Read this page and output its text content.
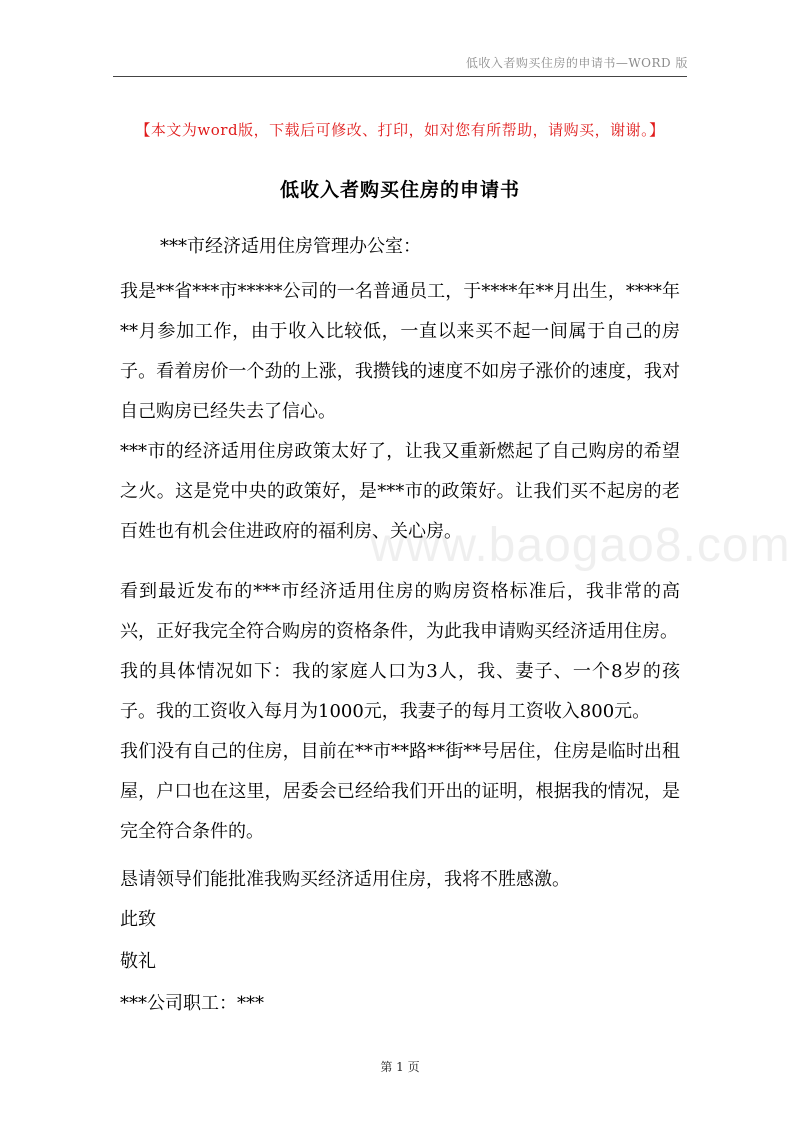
低收入者购买住房的申请书—WORD 版
【本文为word版，下载后可修改、打印，如对您有所帮助，请购买，谢谢。】
低收入者购买住房的申请书
***市经济适用住房管理办公室：
我是**省***市*****公司的一名普通员工，于****年**月出生，****年**月参加工作，由于收入比较低，一直以来买不起一间属于自己的房子。看着房价一个劲的上涨，我攒钱的速度不如房子涨价的速度，我对自己购房已经失去了信心。
***市的经济适用住房政策太好了，让我又重新燃起了自己购房的希望之火。这是党中央的政策好，是***市的政策好。让我们买不起房的老百姓也有机会住进政府的福利房、关心房。
看到最近发布的***市经济适用住房的购房资格标准后，我非常的高兴，正好我完全符合购房的资格条件，为此我申请购买经济适用住房。
我的具体情况如下：我的家庭人口为3人，我、妻子、一个8岁的孩子。我的工资收入每月为1000元，我妻子的每月工资收入800元。
我们没有自己的住房，目前在**市**路**街**号居住，住房是临时出租屋，户口也在这里，居委会已经给我们开出的证明，根据我的情况，是完全符合条件的。
恳请领导们能批准我购买经济适用住房，我将不胜感激。
此致
敬礼
***公司职工：***
www.baogao8.com
第 1 页
